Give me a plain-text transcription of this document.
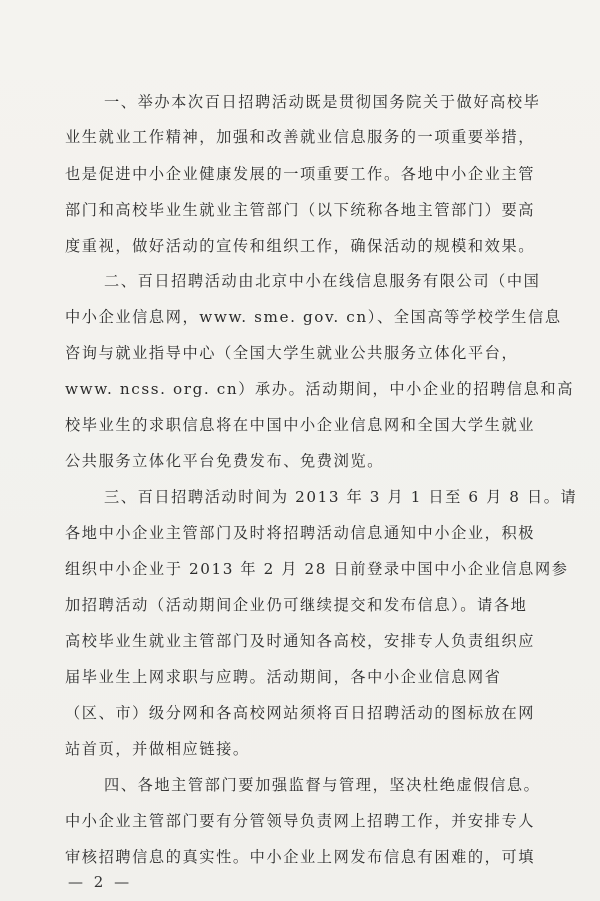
一、举办本次百日招聘活动既是贯彻国务院关于做好高校毕
业生就业工作精神，加强和改善就业信息服务的一项重要举措，
也是促进中小企业健康发展的一项重要工作。各地中小企业主管
部门和高校毕业生就业主管部门（以下统称各地主管部门）要高
度重视，做好活动的宣传和组织工作，确保活动的规模和效果。
二、百日招聘活动由北京中小在线信息服务有限公司（中国
中小企业信息网，www. sme. gov. cn）、全国高等学校学生信息
咨询与就业指导中心（全国大学生就业公共服务立体化平台，
www. ncss. org. cn）承办。活动期间，中小企业的招聘信息和高
校毕业生的求职信息将在中国中小企业信息网和全国大学生就业
公共服务立体化平台免费发布、免费浏览。
三、百日招聘活动时间为 2013 年 3 月 1 日至 6 月 8 日。请
各地中小企业主管部门及时将招聘活动信息通知中小企业，积极
组织中小企业于 2013 年 2 月 28 日前登录中国中小企业信息网参
加招聘活动（活动期间企业仍可继续提交和发布信息）。请各地
高校毕业生就业主管部门及时通知各高校，安排专人负责组织应
届毕业生上网求职与应聘。活动期间，各中小企业信息网省
（区、市）级分网和各高校网站须将百日招聘活动的图标放在网
站首页，并做相应链接。
四、各地主管部门要加强监督与管理，坚决杜绝虚假信息。
中小企业主管部门要有分管领导负责网上招聘工作，并安排专人
审核招聘信息的真实性。中小企业上网发布信息有困难的，可填
— 2 —
